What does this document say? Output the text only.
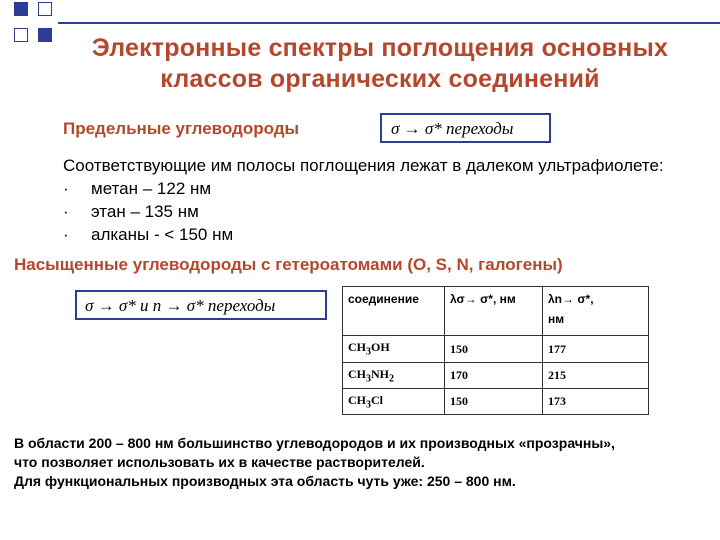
Электронные спектры поглощения основных
классов органических соединений
Предельные углеводороды	σ → σ* переходы
Соответствующие им полосы поглощения лежат в далеком ультрафиолете:
·	метан – 122 нм
·	этан – 135 нм
·	алканы - < 150 нм
Насыщенные углеводороды с гетероатомами (O, S, N, галогены)
σ → σ* и n → σ* переходы	соединение	λσ→ σ*, нм	λn→ σ*,
нм

$CH_3OH$	150	177
$CH_3NH_2$	170	215
$CH_3Cl$	150	173
В области 200 – 800 нм большинство углеводородов и их производных «прозрачны»,
что позволяет использовать их в качестве растворителей.
Для функциональных производных эта область чуть уже: 250 – 800 нм.
